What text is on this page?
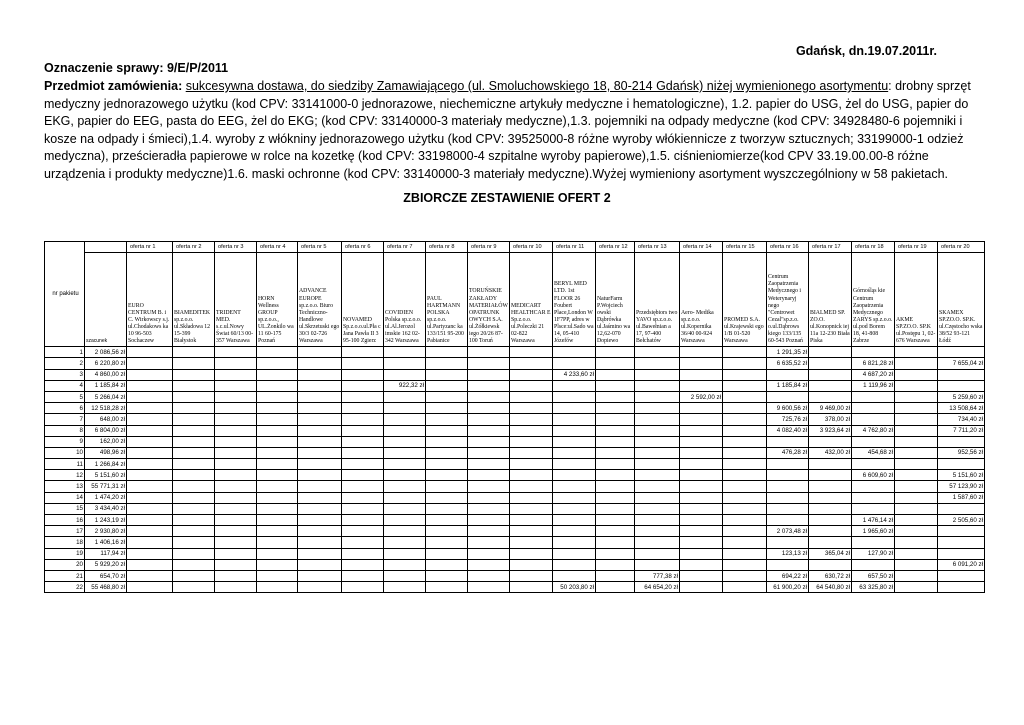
Gdańsk, dn.19.07.2011r.
Oznaczenie sprawy: 9/E/P/2011
Przedmiot zamówienia: sukcesywna dostawa, do siedziby Zamawiającego (ul. Smoluchowskiego 18, 80-214 Gdańsk) niżej wymienionego asortymentu: drobny sprzęt medyczny jednorazowego użytku (kod CPV: 33141000-0 jednorazowe, niechemiczne artykuły medyczne i hematologiczne), 1.2. papier do USG, żel do USG, papier do EKG, papier do EEG, pasta do EEG, żel do EKG; (kod CPV: 33140000-3 materiały medyczne),1.3. pojemniki na odpady medyczne (kod CPV: 34928480-6 pojemniki i kosze na odpady i śmieci),1.4. wyroby z włókniny jednorazowego użytku (kod CPV: 39525000-8 różne wyroby włókiennicze z tworzyw sztucznych; 33199000-1 odzież medyczna), prześcieradła papierowe w rolce na kozetkę (kod CPV: 33198000-4 szpitalne wyroby papierowe),1.5. ciśnieniomierze(kod CPV 33.19.00.00-8 różne urządzenia i produkty medyczne)1.6. maski ochronne (kod CPV: 33140000-3 materiały medyczne).Wyżej wymieniony asortyment wyszczególniony w 58 pakietach.
ZBIORCZE ZESTAWIENIE OFERT 2
nr pakietu		oferta nr 1	oferta nr 2	oferta nr 3	oferta nr 4	oferta nr 5	oferta nr 6	oferta nr 7	oferta nr 8	oferta nr 9	oferta nr 10	oferta nr 11	oferta nr 12	oferta nr 13	oferta nr 14	oferta nr 15	oferta nr 16	oferta nr 17	oferta nr 18	oferta nr 19	oferta nr 20

	szacunek	EURO CENTRUM B. i C. Wirkowscy s.j. ul.Chodakows ka 10 96-503 Sochaczew	BIAMEDITEK sp.z.o.o. ul.Składowa 12 15-399 Białystok	TRIDENT MED. s.c.ul.Nowy Świat 60/13 00-357 Warszawa	HORN Wellness GROUP sp.z.o.o., UL.Żonkilo wa 11 60-175 Poznań	ADVANCE EUROPE sp.z.o.o. Biuro Techniczno-Handlowe ul.Skrzetuski ego 30/3 02-726 Warszawa	NOVAMED Sp.z.o.o.ul.Pła c Jana Pawła II 3 95-100 Zgierz	COVIDIEN Polska sp.z.o.o. ul.Al.Jerozol imskie 162 02-342 Warszawa	PAUL HARTMANN POLSKA sp.z.o.o. ul.Partyzanc ka 133/151 95-200 Pabianice	TORUŃSKIE ZAKŁADY MATERIAŁÓW OPATRUNK OWYCH S.A. ul.Żółkiewsk iego 20/26 87-100 Toruń	MEDICART HEALTHCAR E Sp.z.o.o. ul.Poleczki 21 02-822 Warszawa	BERYL MED LTD. 1st FLOOR 26 Foubert Place,London W 1F7PP, adres w Plsce:ul.Sado wa 14, 05-410 Józefów	NaturFarm P.Wojciech owski Dąbrówka ul.Jaśmino wa 12,62-070 Dopiewo	Przedsiębiors two YAVO sp.z.o.o. ul.Bawełnian a 17, 97-400 Bełchatów	Aero- Medika sp.z.o.o. ul.Kopernika 36/40 00-924 Warszawa	PROMED S.A. ul.Krajewski ego 1/B 01-520 Warszawa	Centrum Zaopatrzenia Medycznego i Weterynaryj nego "Centrowet Cezal"sp.z.o. o.ul.Dąbrows kiego 133/135 60-543 Poznań	BIALMED SP. ZO.O. ul.Konopnick iej 11a 12-230 Biała Piska	Górnośląs kie Centrum Zaopatrzenia Medycznego ZARYS sp.z.o.o. ul.pod Borem 18, 41-808 Zabrze	AKME SP.ZO.O. SP.K ul.Postępu 1, 02-676 Warszawa	SKAMEX SP.ZO.O. SP.K. ul.Częstocho wska 38/52 93-121 Łódź
1	2 086,56 zł																1 291,35 zł				
2	6 220,80 zł																6 635,52 zł		6 821,28 zł		7 655,04 zł
3	4 860,00 zł											4 233,60 zł							4 687,20 zł		
4	1 185,84 zł							922,32 zł									1 185,84 zł		1 119,96 zł		
5	5 266,04 zł														2 592,00 zł						5 259,60 zł
6	12 518,28 zł																9 600,56 zł	9 469,00 zł			13 508,64 zł
7	648,00 zł																725,76 zł	378,00 zł			734,40 zł
8	6 804,00 zł																4 082,40 zł	3 923,64 zł	4 762,80 zł		7 711,20 zł
9	162,00 zł																				
10	498,96 zł																476,28 zł	432,00 zł	454,68 zł		952,56 zł
11	1 266,84 zł																				
12	5 151,60 zł																		6 609,60 zł		5 151,60 zł
13	55 771,31 zł																				57 123,90 zł
14	1 474,20 zł																				1 587,60 zł
15	3 434,40 zł																				
16	1 243,19 zł																		1 476,14 zł		2 505,60 zł
17	2 930,80 zł																2 073,48 zł		1 965,60 zł		
18	1 406,16 zł																				
19	117,94 zł																123,13 zł	365,04 zł	127,90 zł		
20	5 929,20 zł																				6 091,20 zł
21	654,70 zł													777,38 zł			694,22 zł	630,72 zł	657,50 zł		
22	55 468,80 zł											50 203,80 zł		64 654,20 zł			61 900,20 zł	64 540,80 zł	63 325,80 zł		
